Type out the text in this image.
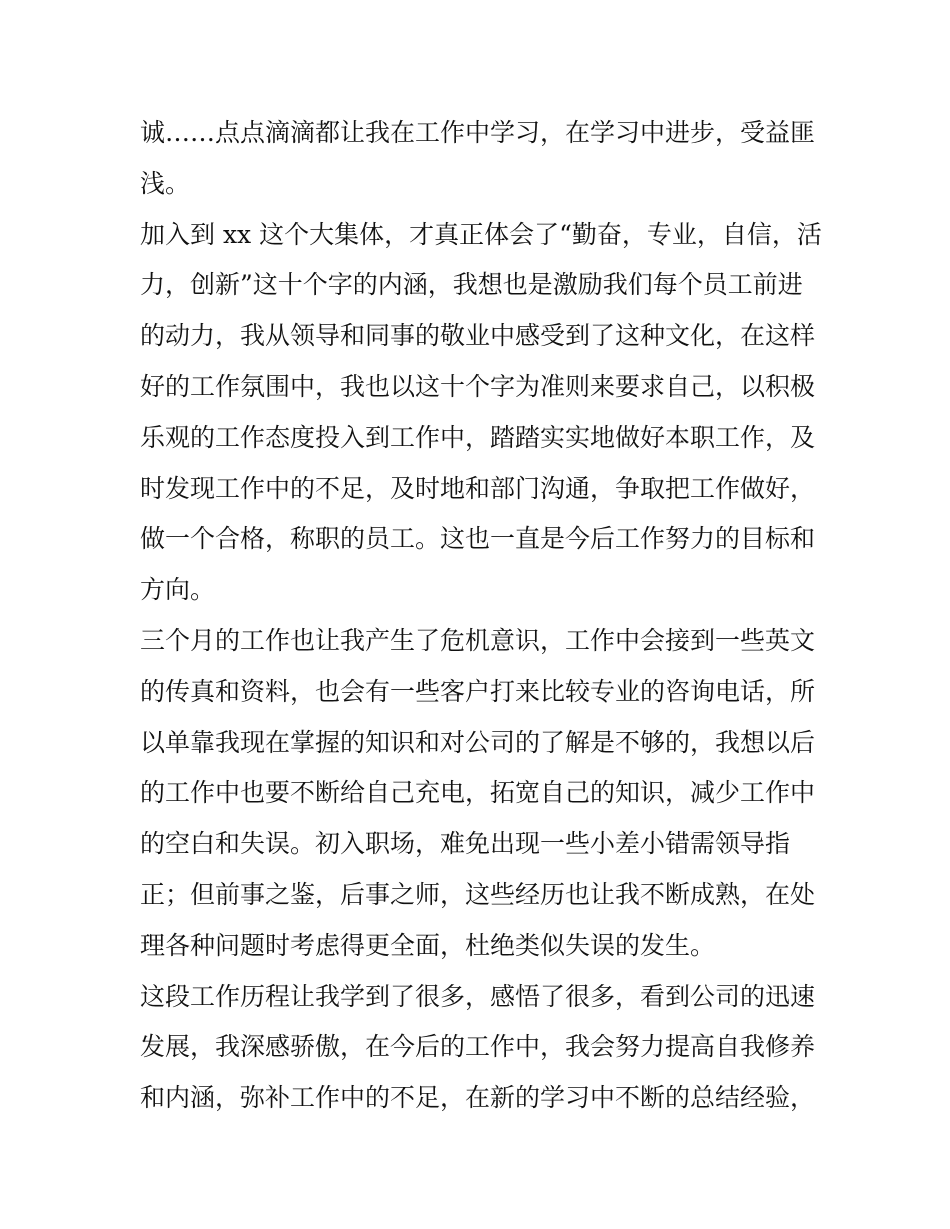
诚……点点滴滴都让我在工作中学习，在学习中进步，受益匪
浅。
加入到 xx 这个大集体，才真正体会了“勤奋，专业，自信，活
力，创新”这十个字的内涵，我想也是激励我们每个员工前进
的动力，我从领导和同事的敬业中感受到了这种文化，在这样
好的工作氛围中，我也以这十个字为准则来要求自己，以积极
乐观的工作态度投入到工作中，踏踏实实地做好本职工作，及
时发现工作中的不足，及时地和部门沟通，争取把工作做好，
做一个合格，称职的员工。这也一直是今后工作努力的目标和
方向。
三个月的工作也让我产生了危机意识，工作中会接到一些英文
的传真和资料，也会有一些客户打来比较专业的咨询电话，所
以单靠我现在掌握的知识和对公司的了解是不够的，我想以后
的工作中也要不断给自己充电，拓宽自己的知识，减少工作中
的空白和失误。初入职场，难免出现一些小差小错需领导指
正；但前事之鉴，后事之师，这些经历也让我不断成熟，在处
理各种问题时考虑得更全面，杜绝类似失误的发生。
这段工作历程让我学到了很多，感悟了很多，看到公司的迅速
发展，我深感骄傲，在今后的工作中，我会努力提高自我修养
和内涵，弥补工作中的不足，在新的学习中不断的总结经验，
